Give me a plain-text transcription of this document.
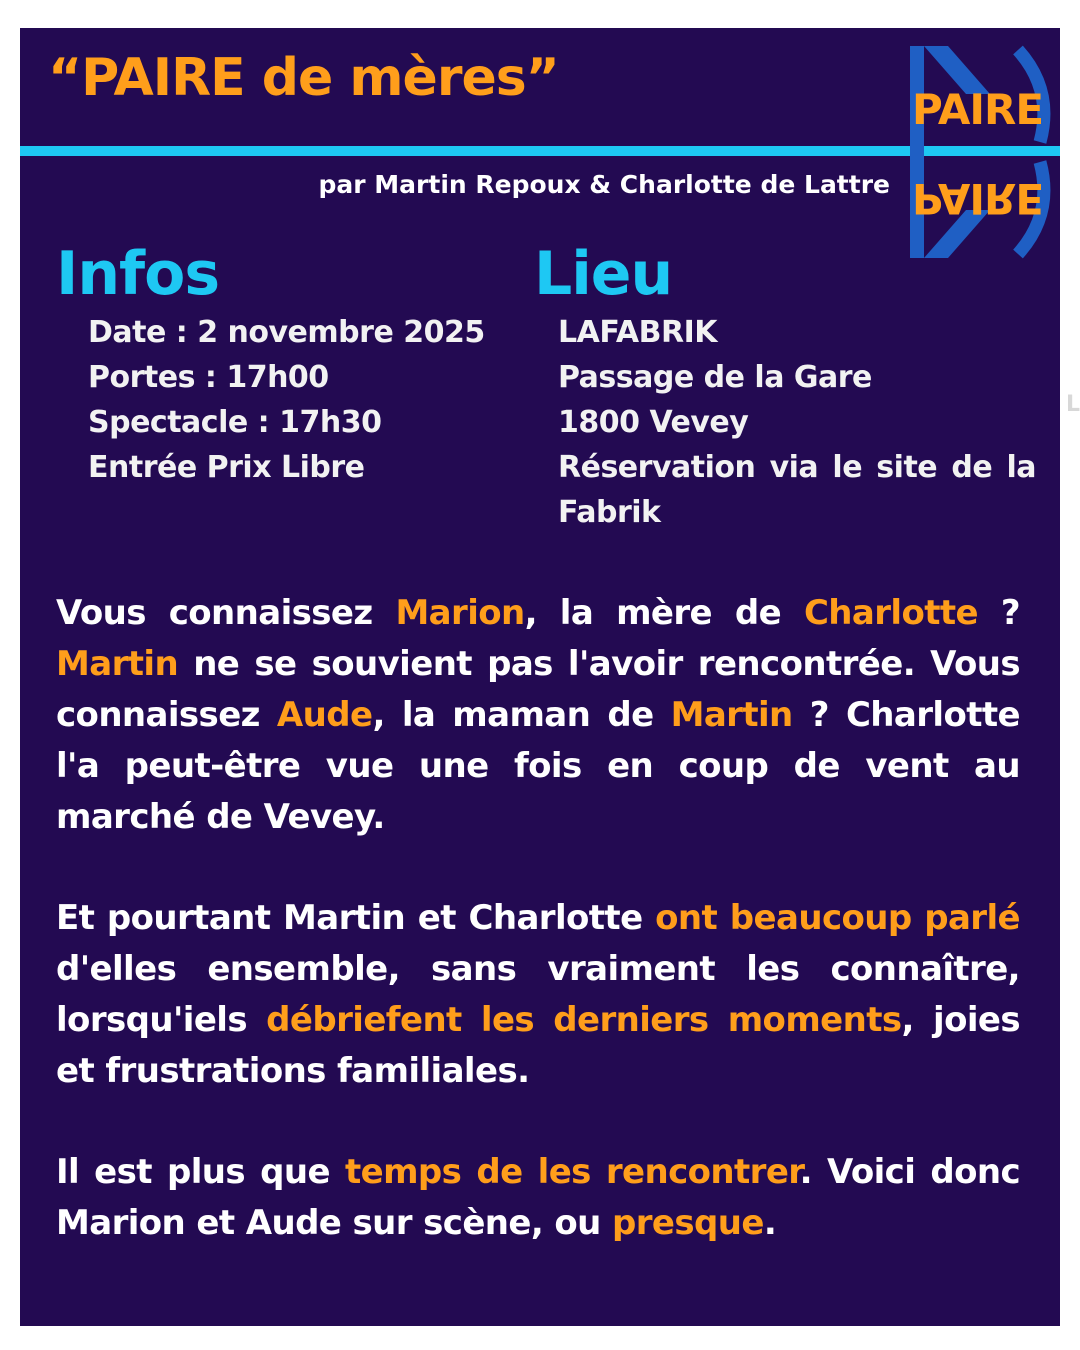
“PAIRE de mères”
PAIRE
PAIRE
par Martin Repoux & Charlotte de Lattre
Infos
Date : 2 novembre 2025
Portes : 17h00
Spectacle : 17h30
Entrée Prix Libre
Lieu
LAFABRIK
Passage de la Gare
1800 Vevey
Réservation via le site de la Fabrik

Vous connaissez Marion, la mère de Charlotte ? Martin ne se souvient pas l'avoir rencontrée. Vous connaissez Aude, la maman de Martin ? Charlotte l'a peut-être vue une fois en coup de vent au marché de Vevey.

Et pourtant Martin et Charlotte ont beaucoup parlé d'elles ensemble, sans vraiment les connaître, lorsqu'iels débriefent les derniers moments, joies et frustrations familiales.

Il est plus que temps de les rencontrer. Voici donc Marion et Aude sur scène, ou presque.

L
